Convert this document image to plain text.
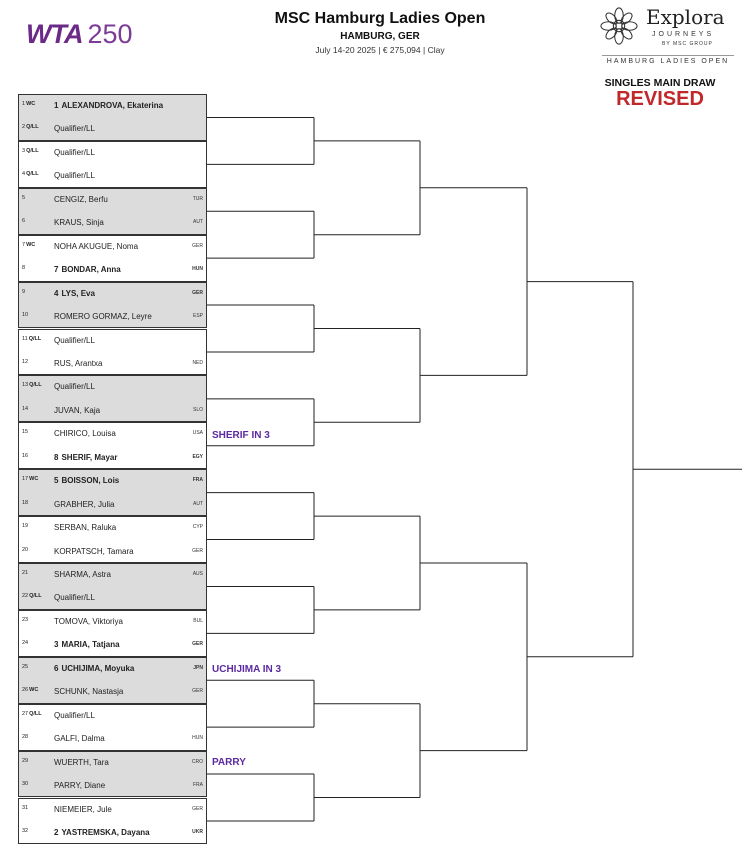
WTA 250
MSC Hamburg Ladies Open
HAMBURG, GER
July 14-20 2025 | € 275,094 | Clay
Explora
JOURNEYS
BY MSC GROUP
HAMBURG LADIES OPEN
SINGLES MAIN DRAW
REVISED
1WC	1 ALEXANDROVA, Ekaterina
2Q/LL	Qualifier/LL
3Q/LL	Qualifier/LL
4Q/LL	Qualifier/LL
5	CENGIZ, Berfu	TUR
6	KRAUS, Sinja	AUT
7WC	NOHA AKUGUE, Noma	GER
8	7 BONDAR, Anna	HUN
9	4 LYS, Eva	GER
10	ROMERO GORMAZ, Leyre	ESP
11Q/LL	Qualifier/LL
12	RUS, Arantxa	NED
13Q/LL	Qualifier/LL
14	JUVAN, Kaja	SLO
15	CHIRICO, Louisa	USA
16	8 SHERIF, Mayar	EGY
17WC	5 BOISSON, Lois	FRA
18	GRABHER, Julia	AUT
19	SERBAN, Raluka	CYP
20	KORPATSCH, Tamara	GER
21	SHARMA, Astra	AUS
22Q/LL	Qualifier/LL
23	TOMOVA, Viktoriya	BUL
24	3 MARIA, Tatjana	GER
25	6 UCHIJIMA, Moyuka	JPN
26WC	SCHUNK, Nastasja	GER
27Q/LL	Qualifier/LL
28	GALFI, Dalma	HUN
29	WUERTH, Tara	CRO
30	PARRY, Diane	FRA
31	NIEMEIER, Jule	GER
32	2 YASTREMSKA, Dayana	UKR
SHERIF IN 3
UCHIJIMA IN 3
PARRY
